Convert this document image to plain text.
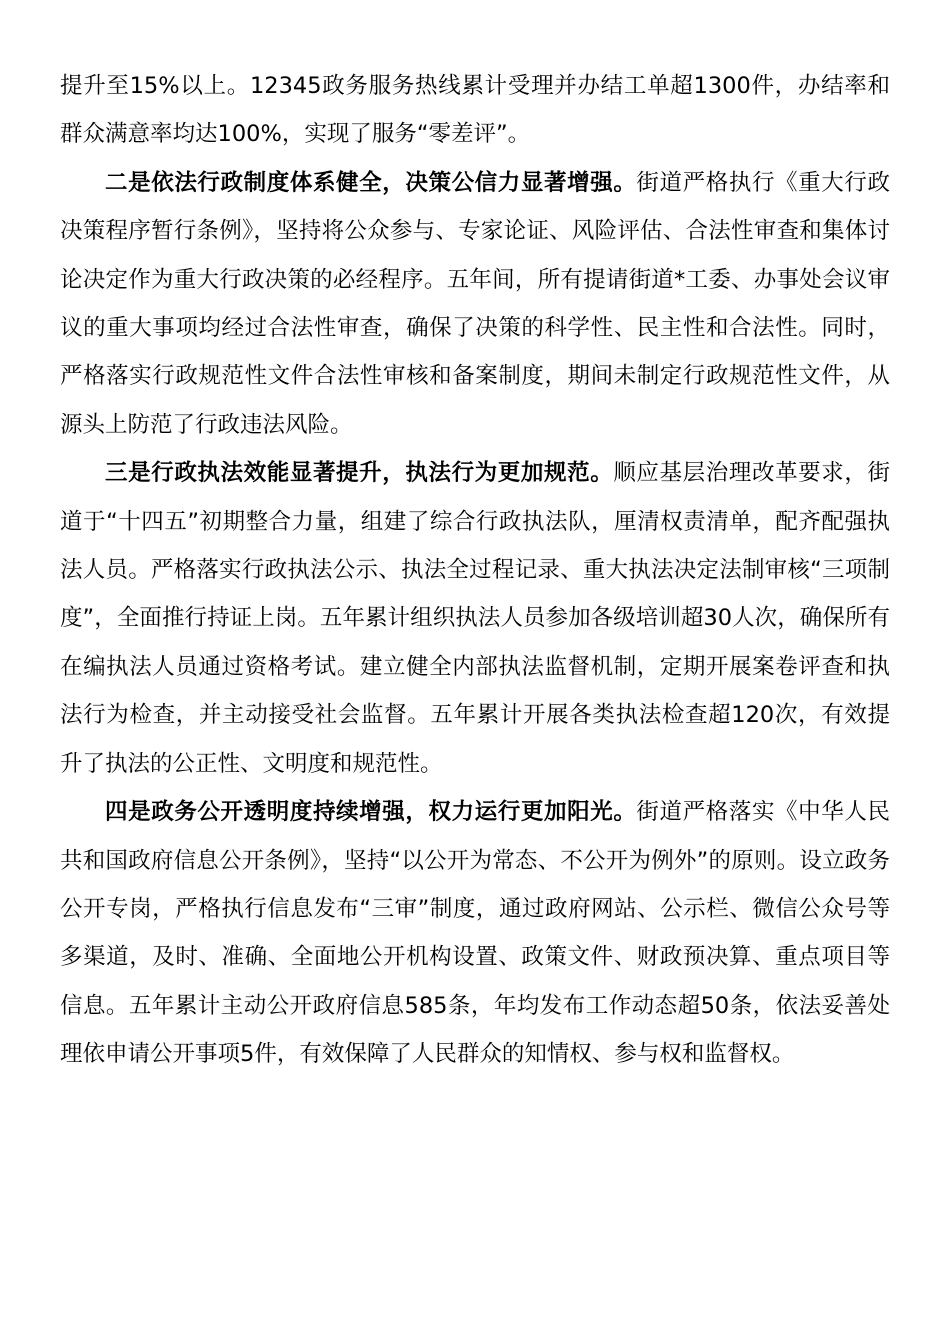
提升至15%以上。12345政务服务热线累计受理并办结工单超1300件，办结率和群众满意率均达100%，实现了服务“零差评”。

二是依法行政制度体系健全，决策公信力显著增强。街道严格执行《重大行政决策程序暂行条例》，坚持将公众参与、专家论证、风险评估、合法性审查和集体讨论决定作为重大行政决策的必经程序。五年间，所有提请街道*工委、办事处会议审议的重大事项均经过合法性审查，确保了决策的科学性、民主性和合法性。同时，严格落实行政规范性文件合法性审核和备案制度，期间未制定行政规范性文件，从源头上防范了行政违法风险。

三是行政执法效能显著提升，执法行为更加规范。顺应基层治理改革要求，街道于“十四五”初期整合力量，组建了综合行政执法队，厘清权责清单，配齐配强执法人员。严格落实行政执法公示、执法全过程记录、重大执法决定法制审核“三项制度”，全面推行持证上岗。五年累计组织执法人员参加各级培训超30人次，确保所有在编执法人员通过资格考试。建立健全内部执法监督机制，定期开展案卷评查和执法行为检查，并主动接受社会监督。五年累计开展各类执法检查超120次，有效提升了执法的公正性、文明度和规范性。

四是政务公开透明度持续增强，权力运行更加阳光。街道严格落实《中华人民共和国政府信息公开条例》，坚持“以公开为常态、不公开为例外”的原则。设立政务公开专岗，严格执行信息发布“三审”制度，通过政府网站、公示栏、微信公众号等多渠道，及时、准确、全面地公开机构设置、政策文件、财政预决算、重点项目等信息。五年累计主动公开政府信息585条，年均发布工作动态超50条，依法妥善处理依申请公开事项5件，有效保障了人民群众的知情权、参与权和监督权。
